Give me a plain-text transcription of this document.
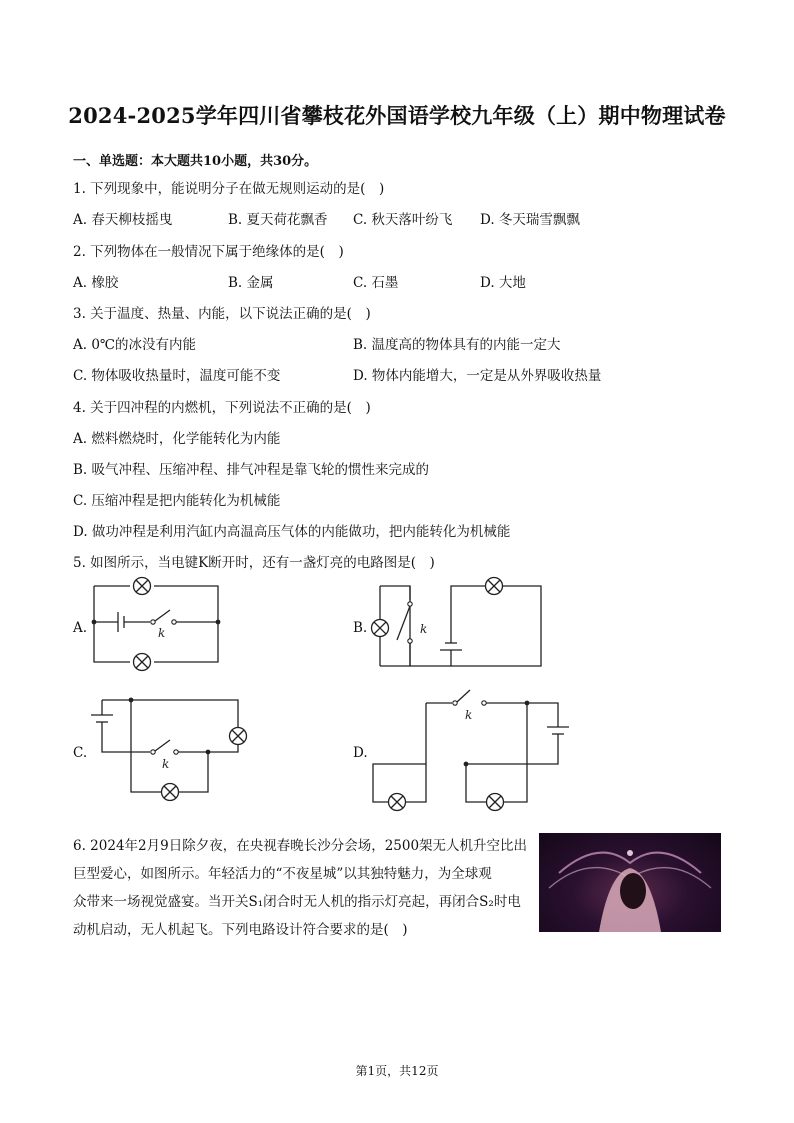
2024-2025学年四川省攀枝花外国语学校九年级（上）期中物理试卷
一、单选题：本大题共10小题，共30分。
1. 下列现象中，能说明分子在做无规则运动的是(　)
A. 春天柳枝摇曳	B. 夏天荷花飘香 C. 秋天落叶纷飞 D. 冬天瑞雪飘飘
2. 下列物体在一般情况下属于绝缘体的是(　)
A. 橡胶	B. 金属	C. 石墨	D. 大地
3. 关于温度、热量、内能，以下说法正确的是(　)
A. 0℃的冰没有内能	B. 温度高的物体具有的内能一定大
C. 物体吸收热量时，温度可能不变	D. 物体内能增大，一定是从外界吸收热量
4. 关于四冲程的内燃机，下列说法不正确的是(　)
A. 燃料燃烧时，化学能转化为内能
B. 吸气冲程、压缩冲程、排气冲程是靠飞轮的惯性来完成的
C. 压缩冲程是把内能转化为机械能
D. 做功冲程是利用汽缸内高温高压气体的内能做功，把内能转化为机械能
5. 如图所示，当电键K断开时，还有一盏灯亮的电路图是(　)
A.	B.
C.	D.
k	k
k
k
6. 2024年2月9日除夕夜，在央视春晚长沙分会场，2500架无人机升空比出
巨型爱心，如图所示。年轻活力的“不夜星城”以其独特魅力，为全球观
众带来一场视觉盛宴。当开关S₁闭合时无人机的指示灯亮起，再闭合S₂时电
动机启动，无人机起飞。下列电路设计符合要求的是(　)
第1页，共12页
